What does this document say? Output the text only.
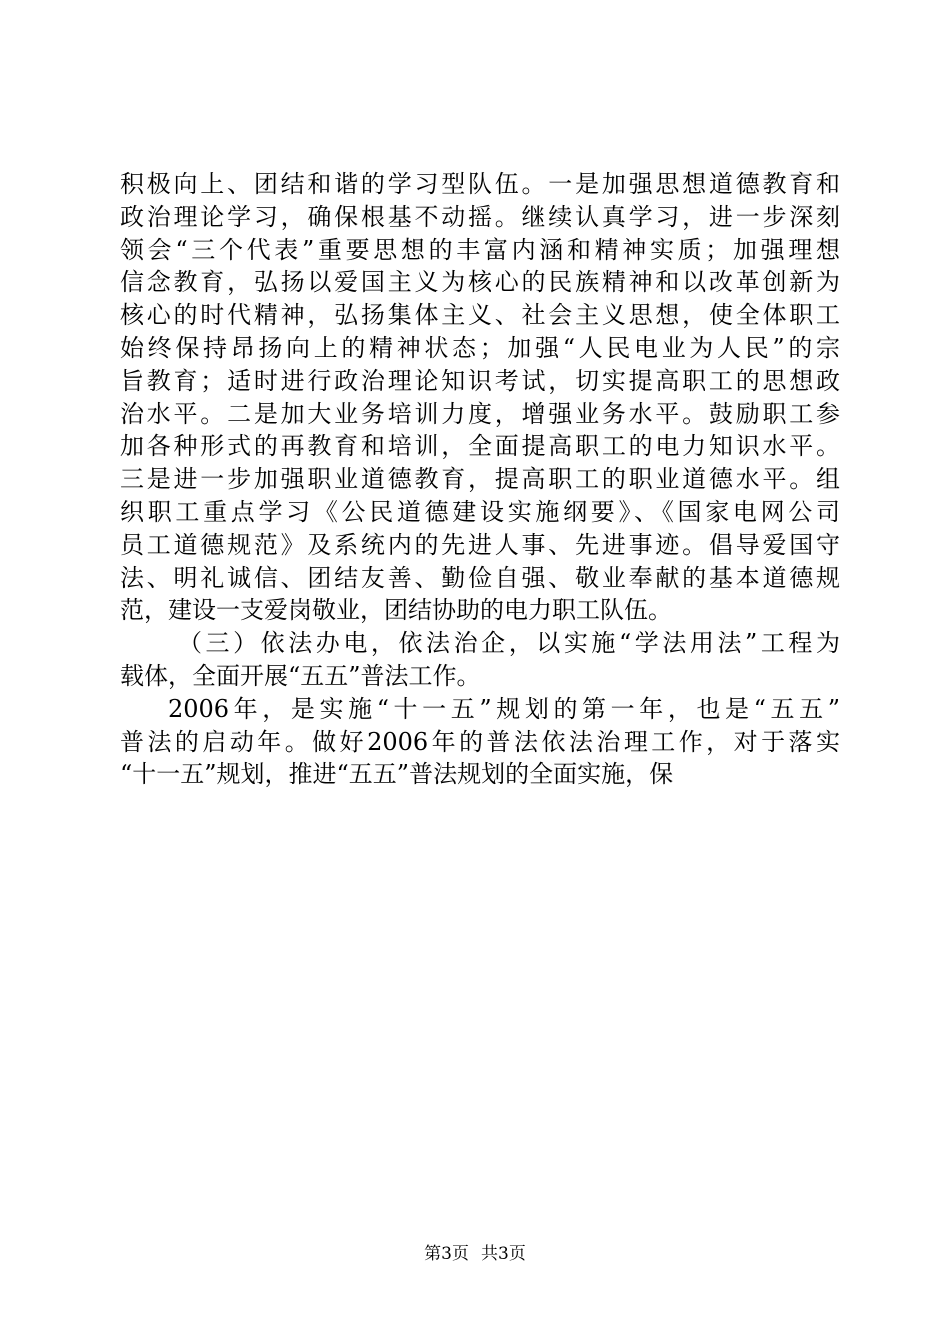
积极向上、团结和谐的学习型队伍。一是加强思想道德教育和
政治理论学习，确保根基不动摇。继续认真学习，进一步深刻
领会“三个代表”重要思想的丰富内涵和精神实质；加强理想
信念教育，弘扬以爱国主义为核心的民族精神和以改革创新为
核心的时代精神，弘扬集体主义、社会主义思想，使全体职工
始终保持昂扬向上的精神状态；加强“人民电业为人民”的宗
旨教育；适时进行政治理论知识考试，切实提高职工的思想政
治水平。二是加大业务培训力度，增强业务水平。鼓励职工参
加各种形式的再教育和培训，全面提高职工的电力知识水平。
三是进一步加强职业道德教育，提高职工的职业道德水平。组
织职工重点学习《公民道德建设实施纲要》、《国家电网公司
员工道德规范》及系统内的先进人事、先进事迹。倡导爱国守
法、明礼诚信、团结友善、勤俭自强、敬业奉献的基本道德规
范，建设一支爱岗敬业，团结协助的电力职工队伍。
（三）依法办电，依法治企，以实施“学法用法”工程为
载体，全面开展“五五”普法工作。
2006年，是实施“十一五”规划的第一年，也是“五五”
普法的启动年。做好2006年的普法依法治理工作，对于落实
“十一五”规划，推进“五五”普法规划的全面实施，保
第3页 共3页
